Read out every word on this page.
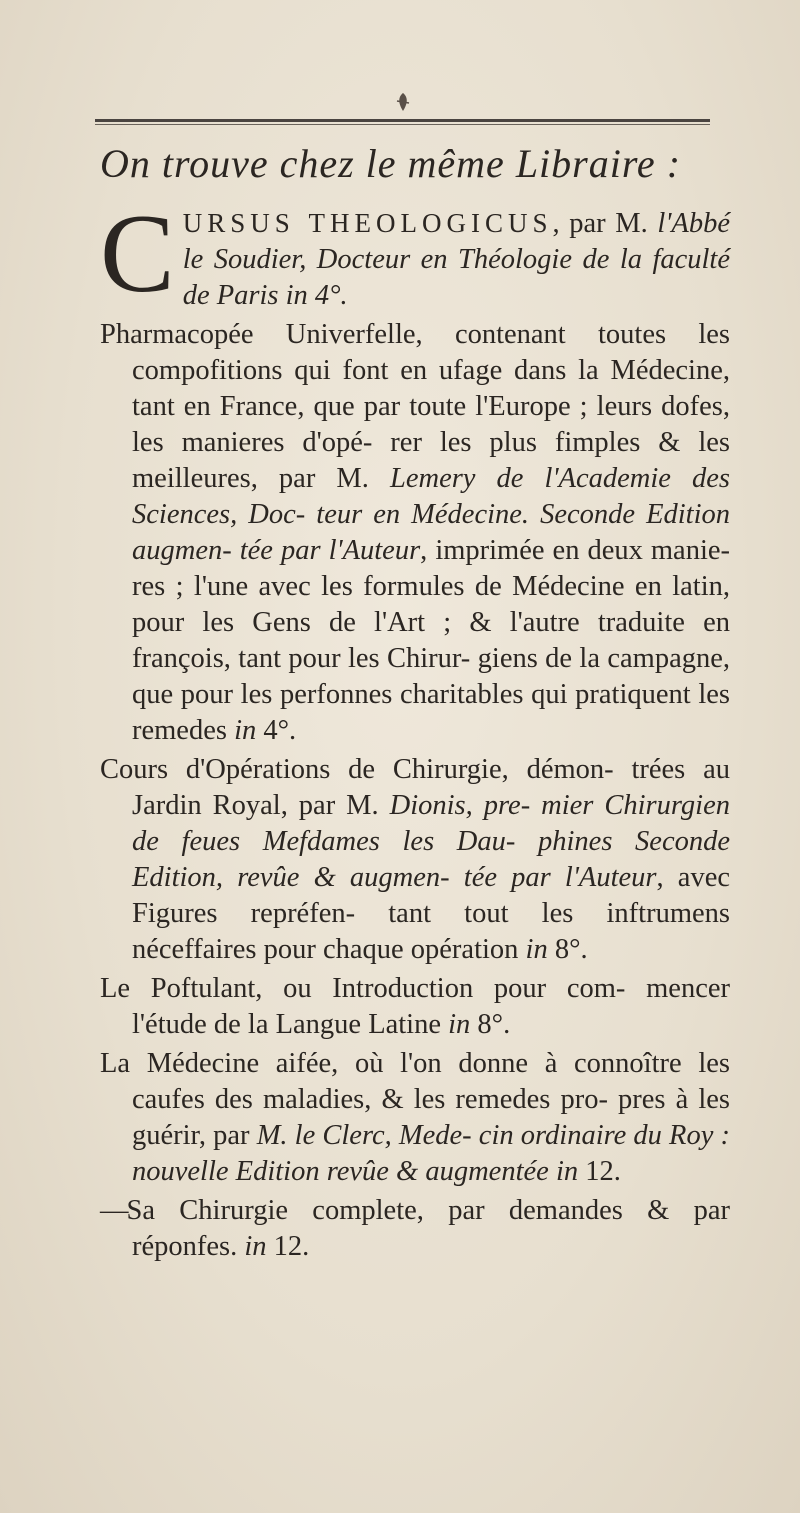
On trouve chez le même Libraire :

C URSUS THEOLOGICUS, par M. l'Abbé le Soudier, Docteur en Théologie de la faculté de Paris in 4°.

Pharmacopée Univerfelle, contenant toutes les compofitions qui font en ufage dans la Médecine, tant en France, que par toute l'Europe ; leurs dofes, les manieres d'opé- rer les plus fimples & les meilleures, par M. Lemery de l'Academie des Sciences, Doc- teur en Médecine. Seconde Edition augmen- tée par l'Auteur, imprimée en deux manie- res ; l'une avec les formules de Médecine en latin, pour les Gens de l'Art ; & l'autre traduite en françois, tant pour les Chirur- giens de la campagne, que pour les perfonnes charitables qui pratiquent les remedes in 4°.

Cours d'Opérations de Chirurgie, démon- trées au Jardin Royal, par M. Dionis, pre- mier Chirurgien de feues Mefdames les Dau- phines Seconde Edition, revûe & augmen- tée par l'Auteur, avec Figures repréfen- tant tout les inftrumens néceffaires pour chaque opération in 8°.

Le Poftulant, ou Introduction pour com- mencer l'étude de la Langue Latine in 8°.

La Médecine aifée, où l'on donne à connoître les caufes des maladies, & les remedes pro- pres à les guérir, par M. le Clerc, Mede- cin ordinaire du Roy : nouvelle Edition revûe & augmentée in 12.

—Sa Chirurgie complete, par demandes & par réponfes. in 12.
